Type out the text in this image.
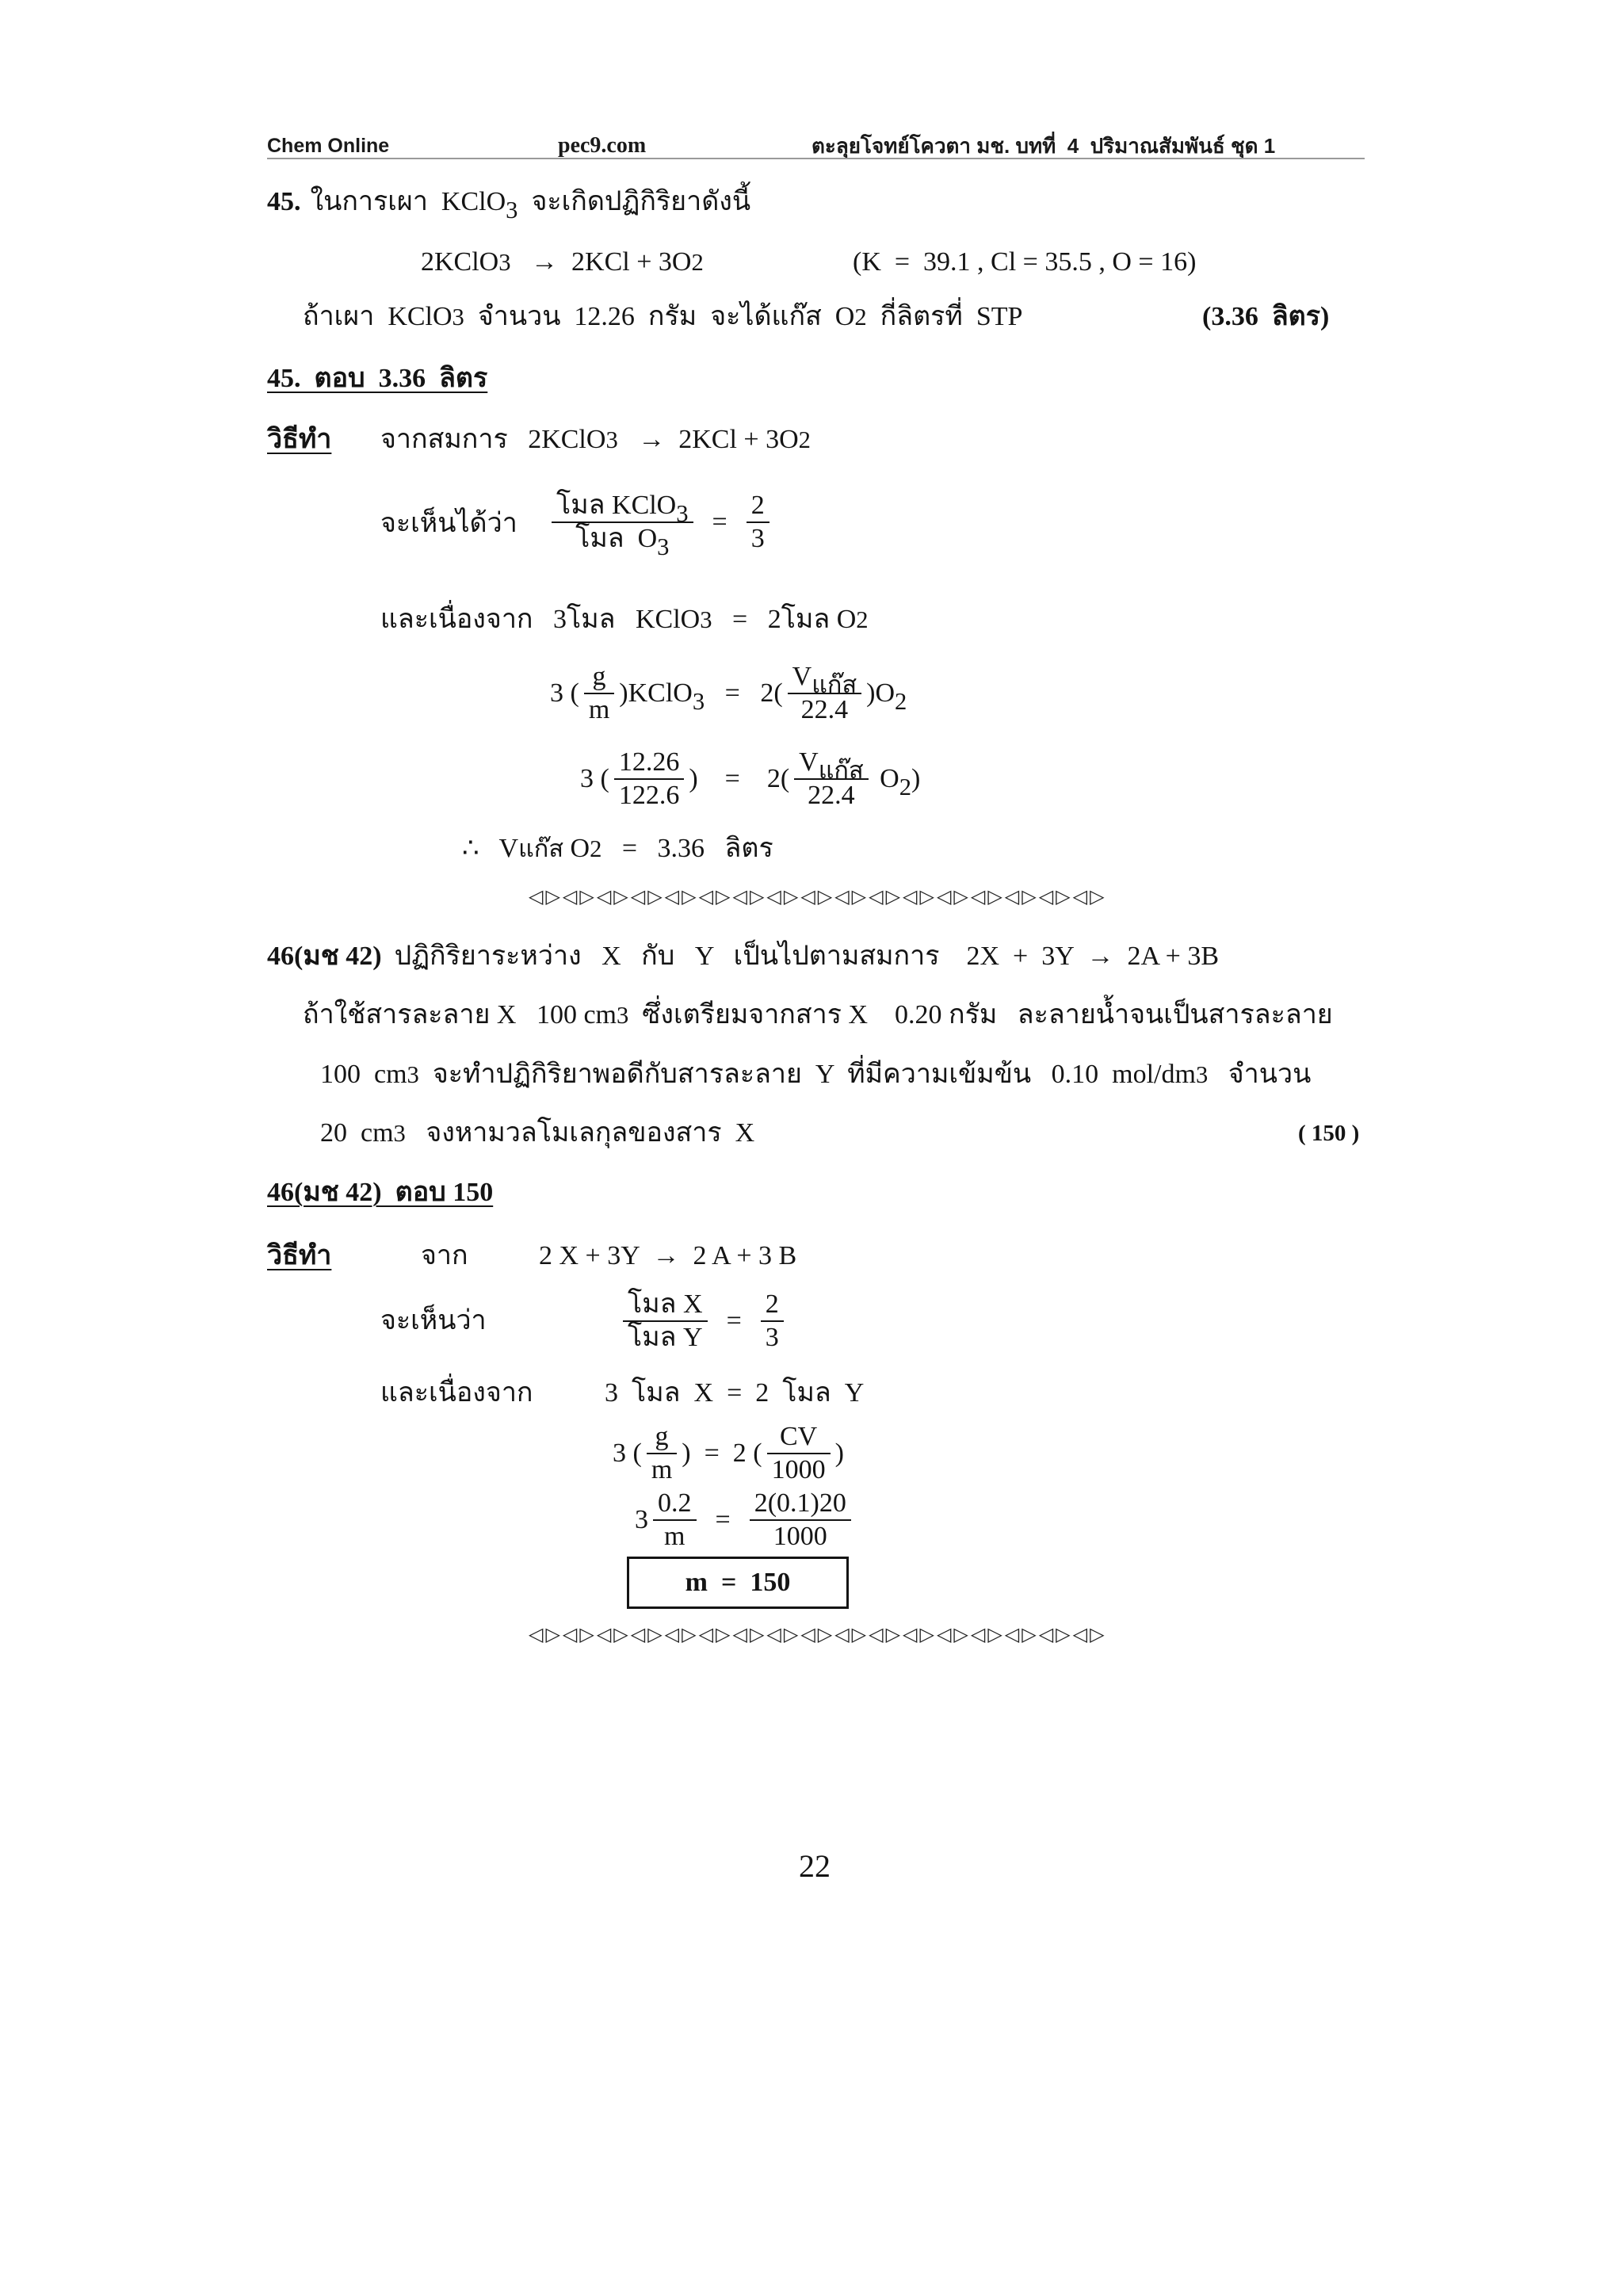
Chem Online	pec9.com	ตะลุยโจทย์โควตา มช. บทที่  4  ปริมาณสัมพันธ์ ชุด 1
45. ในการเผา  KClO$_3$  จะเกิดปฏิกิริยาดังนี้
2KClO 3 →  2KCl + 3O 2	(K  =  39.1 , Cl = 35.5 , O = 16)
ถ้าเผา  KClO 3 จำนวน  12.26  กรัม  จะได้แก๊ส  O 2 กี่ลิตรที่  STP	(3.36  ลิตร)
45.  ตอบ  3.36  ลิตร
วิธีทำ จากสมการ   2KClO 3 →  2KCl + 3O 2
จะเห็นได้ว่า $\frac{โมล KClO_3}{โมล O_3} = \frac{2}{3}$
และเนื่องจาก   3โมล   KClO 3 =   2โมล O 2
3 ( $\frac{g}{m}$ )KClO$_3$   =   $2( \frac{V_{แก๊ส}}{22.4} )O_2$
3 ( $\frac{12.26}{122.6}$ )    =    $2( \frac{V_{แก๊ส}}{22.4} O_2)$
∴   V แก๊ส O 2 =   3.36   ลิตร
◁▷◁▷◁▷◁▷◁▷◁▷◁▷◁▷◁▷◁▷◁▷◁▷◁▷◁▷◁▷◁▷◁▷
46(มช 42) ปฏิกิริยาระหว่าง   X   กับ   Y   เป็นไปตามสมการ    2X  +  3Y  →  2A + 3B
ถ้าใช้สารละลาย X   100 cm 3 ซึ่งเตรียมจากสาร X    0.20 กรัม   ละลายน้ำจนเป็นสารละลาย
100  cm 3 จะทำปฏิกิริยาพอดีกับสารละลาย  Y  ที่มีความเข้มข้น   0.10  mol/dm 3 จำนวน
20  cm 3 จงหามวลโมเลกุลของสาร  X	( 150 )
46(มช 42)  ตอบ 150
วิธีทำ	จาก	2 X + 3Y  →  2 A + 3 B
จะเห็นว่า	$\frac{\text{โมล X}}{\text{โมล Y}} = \frac{2}{3}$
และเนื่องจาก	3  โมล  X  =  2  โมล  Y
3 ( $\frac{g}{m}$ )  =  2 ( $\frac{CV}{1000}$ )
$3 \frac{0.2}{m} = \frac{2(0.1)20}{1000}$
m  =  150
◁▷◁▷◁▷◁▷◁▷◁▷◁▷◁▷◁▷◁▷◁▷◁▷◁▷◁▷◁▷◁▷◁▷
22
